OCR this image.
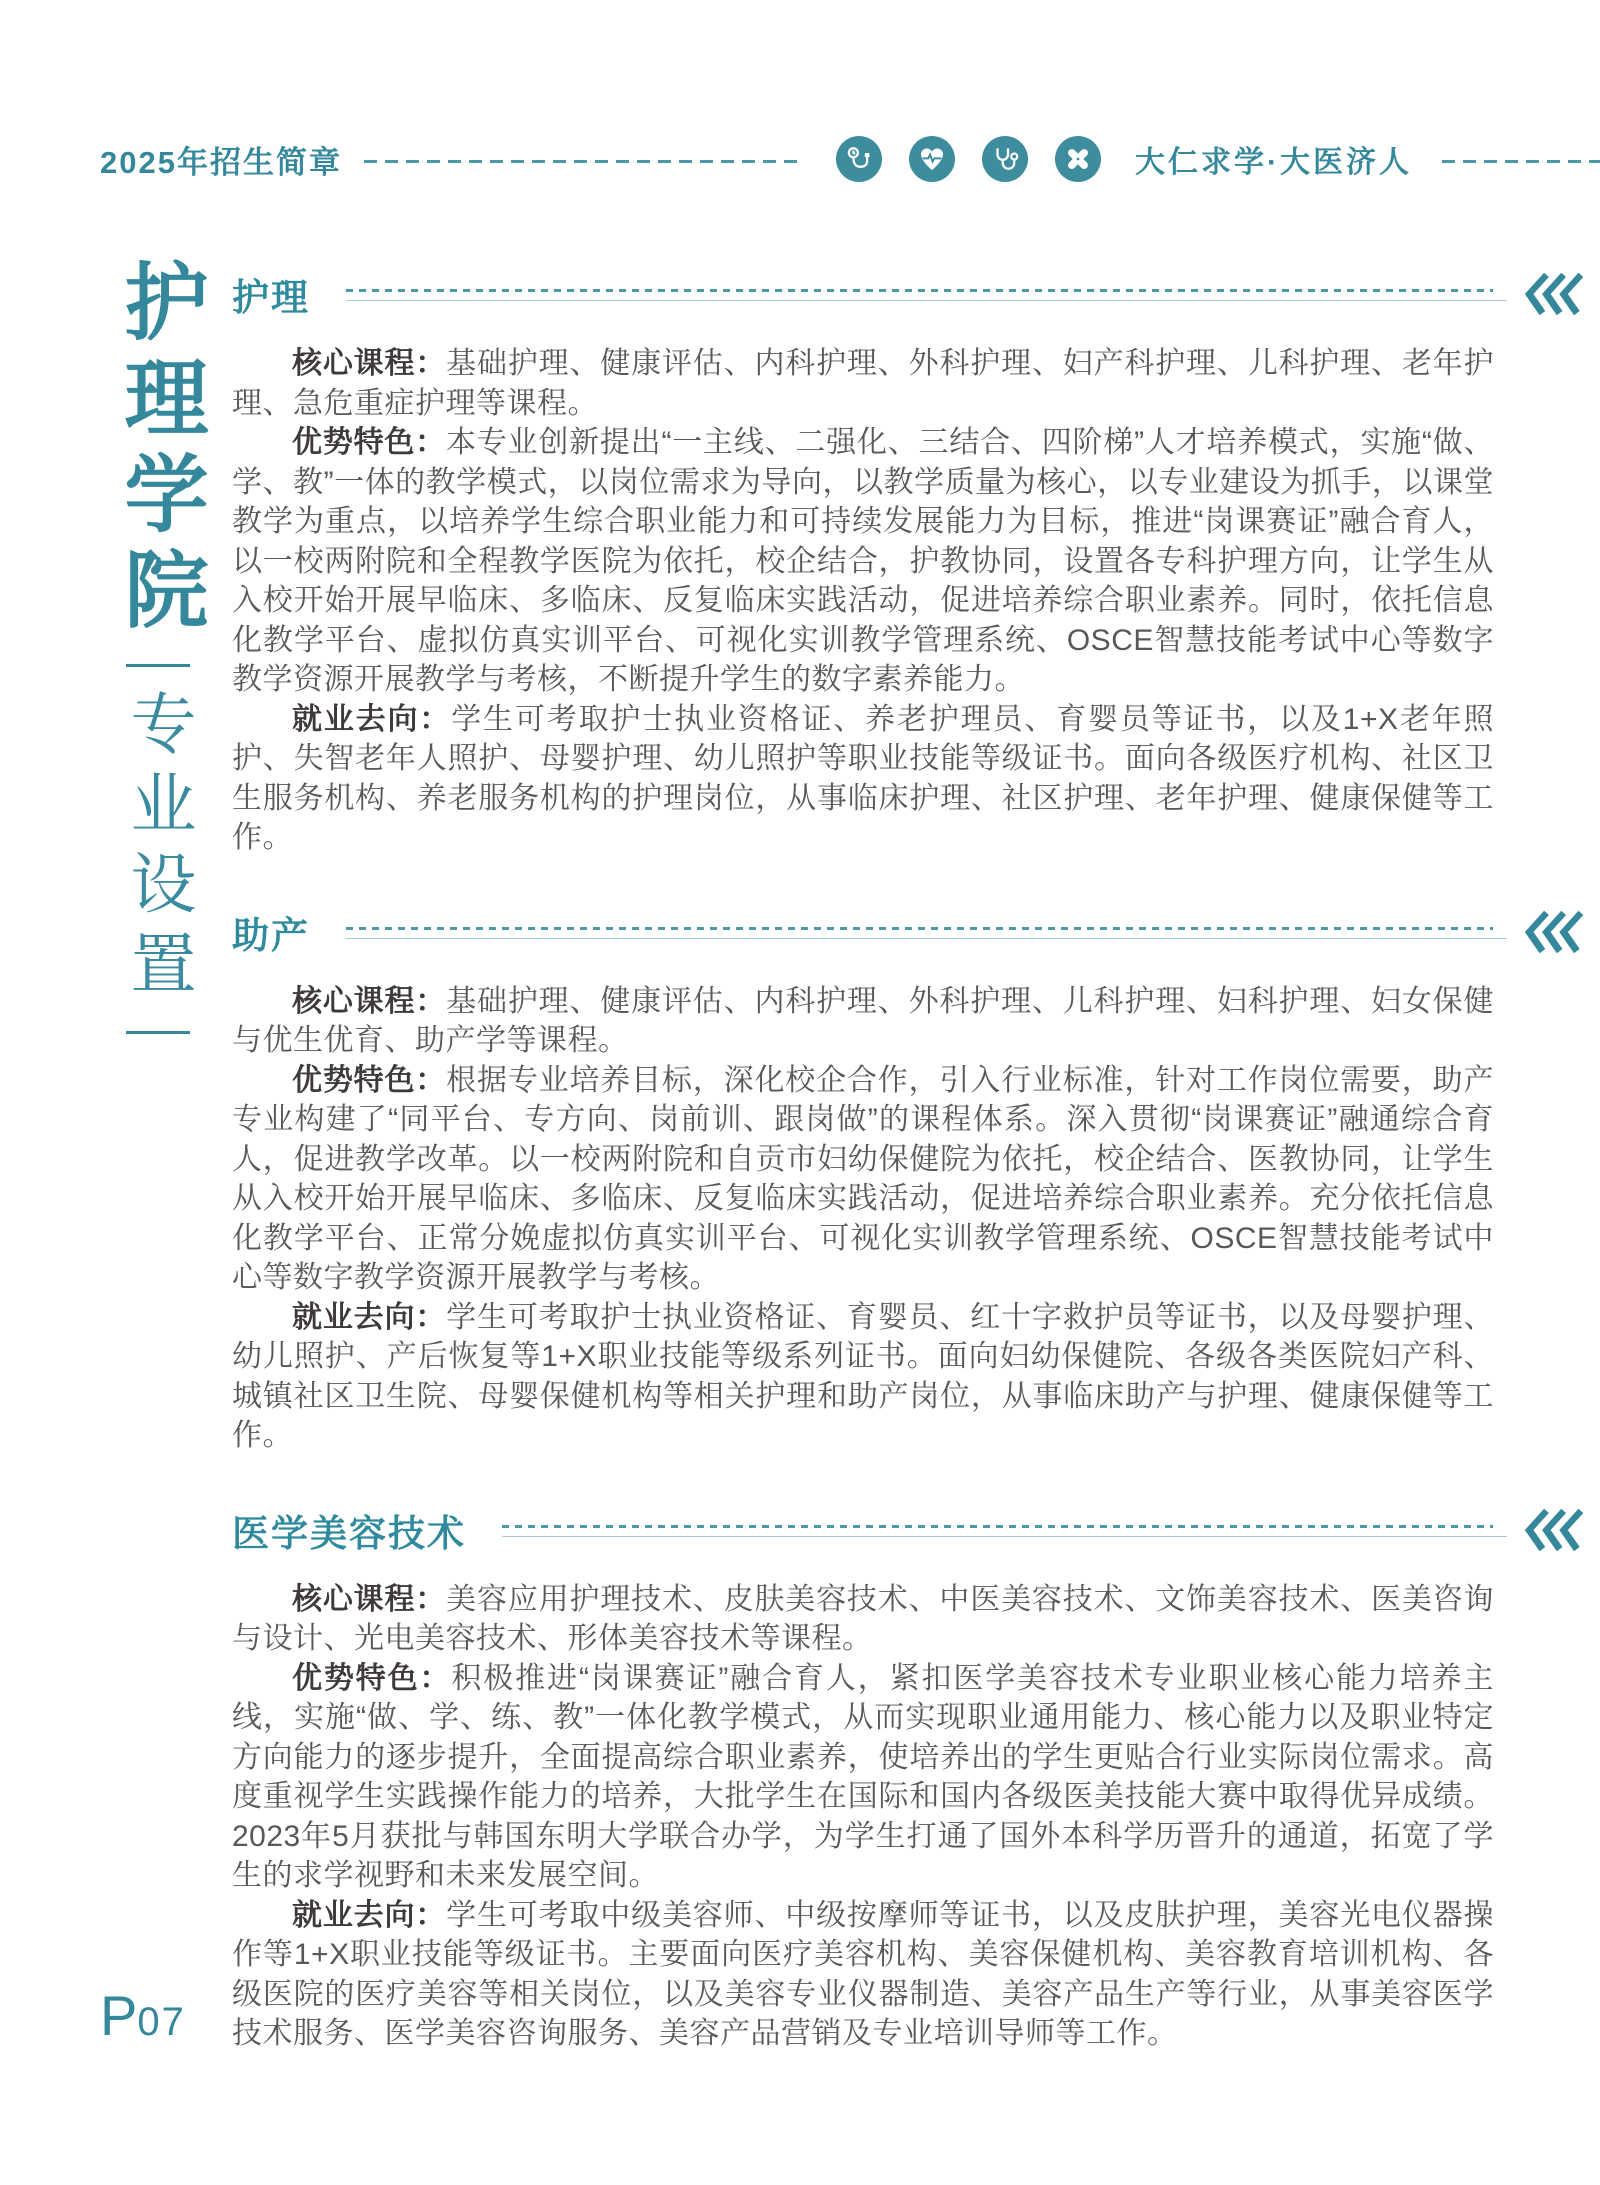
2025年招生简章	大仁求学·大医济人
护理学院
专业设置
护理

核心课程：基础护理、健康评估、内科护理、外科护理、妇产科护理、儿科护理、老年护理、急危重症护理等课程。

优势特色：本专业创新提出“一主线、二强化、三结合、四阶梯”人才培养模式，实施“做、学、教”一体的教学模式，以岗位需求为导向，以教学质量为核心，以专业建设为抓手，以课堂教学为重点，以培养学生综合职业能力和可持续发展能力为目标，推进“岗课赛证”融合育人，以一校两附院和全程教学医院为依托，校企结合，护教协同，设置各专科护理方向，让学生从入校开始开展早临床、多临床、反复临床实践活动，促进培养综合职业素养。同时，依托信息化教学平台、虚拟仿真实训平台、可视化实训教学管理系统、OSCE智慧技能考试中心等数字教学资源开展教学与考核，不断提升学生的数字素养能力。

就业去向：学生可考取护士执业资格证、养老护理员、育婴员等证书，以及1+X老年照护、失智老年人照护、母婴护理、幼儿照护等职业技能等级证书。面向各级医疗机构、社区卫生服务机构、养老服务机构的护理岗位，从事临床护理、社区护理、老年护理、健康保健等工作。

助产

核心课程：基础护理、健康评估、内科护理、外科护理、儿科护理、妇科护理、妇女保健与优生优育、助产学等课程。

优势特色：根据专业培养目标，深化校企合作，引入行业标准，针对工作岗位需要，助产专业构建了“同平台、专方向、岗前训、跟岗做”的课程体系。深入贯彻“岗课赛证”融通综合育人，促进教学改革。以一校两附院和自贡市妇幼保健院为依托，校企结合、医教协同，让学生从入校开始开展早临床、多临床、反复临床实践活动，促进培养综合职业素养。充分依托信息化教学平台、正常分娩虚拟仿真实训平台、可视化实训教学管理系统、OSCE智慧技能考试中心等数字教学资源开展教学与考核。

就业去向：学生可考取护士执业资格证、育婴员、红十字救护员等证书，以及母婴护理、幼儿照护、产后恢复等1+X职业技能等级系列证书。面向妇幼保健院、各级各类医院妇产科、城镇社区卫生院、母婴保健机构等相关护理和助产岗位，从事临床助产与护理、健康保健等工作。

医学美容技术

核心课程：美容应用护理技术、皮肤美容技术、中医美容技术、文饰美容技术、医美咨询与设计、光电美容技术、形体美容技术等课程。

优势特色：积极推进“岗课赛证”融合育人，紧扣医学美容技术专业职业核心能力培养主线，实施“做、学、练、教”一体化教学模式，从而实现职业通用能力、核心能力以及职业特定方向能力的逐步提升，全面提高综合职业素养，使培养出的学生更贴合行业实际岗位需求。高度重视学生实践操作能力的培养，大批学生在国际和国内各级医美技能大赛中取得优异成绩。2023年5月获批与韩国东明大学联合办学，为学生打通了国外本科学历晋升的通道，拓宽了学生的求学视野和未来发展空间。

就业去向：学生可考取中级美容师、中级按摩师等证书，以及皮肤护理，美容光电仪器操作等1+X职业技能等级证书。主要面向医疗美容机构、美容保健机构、美容教育培训机构、各级医院的医疗美容等相关岗位，以及美容专业仪器制造、美容产品生产等行业，从事美容医学技术服务、医学美容咨询服务、美容产品营销及专业培训导师等工作。

P 07
